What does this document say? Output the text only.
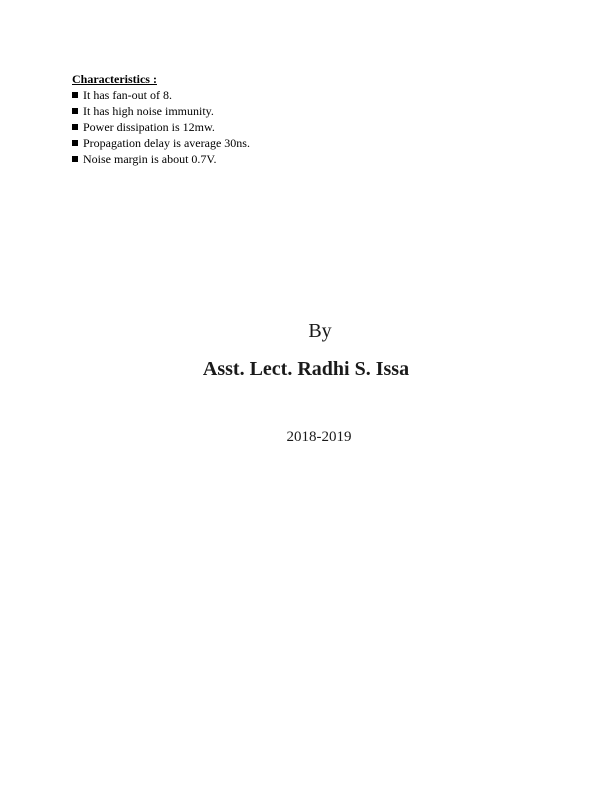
Characteristics :
It has fan-out of 8.
It has high noise immunity.
Power dissipation is 12mw.
Propagation delay is average 30ns.
Noise margin is about 0.7V.
By
Asst. Lect. Radhi S. Issa
2018-2019
